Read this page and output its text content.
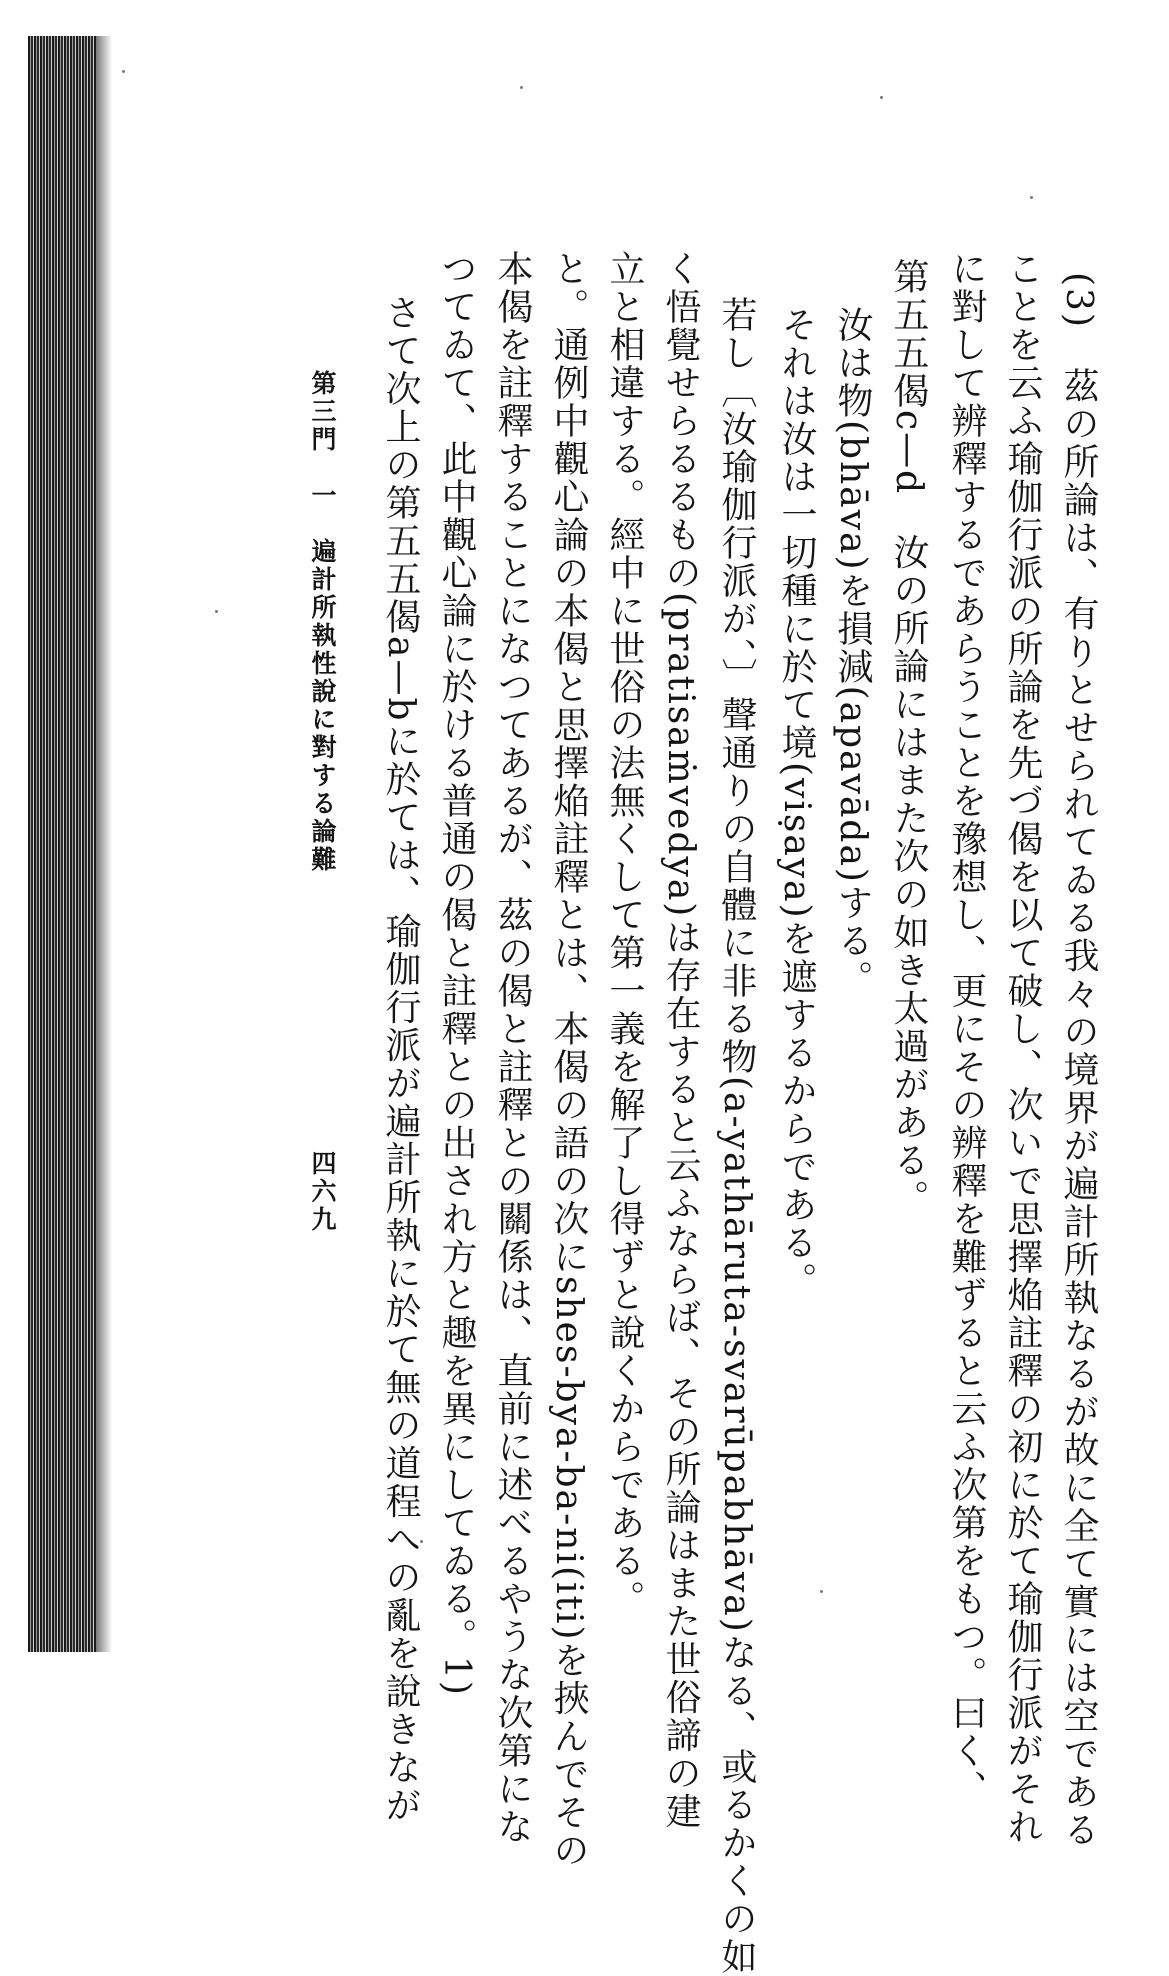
(3)　茲の所論は、有りとせられてゐる我々の境界が遍計所執なるが故に全て實には空である
ことを云ふ瑜伽行派の所論を先づ偈を以て破し、次いで思擇焔註釋の初に於て瑜伽行派がそれ
に對して辨釋するであらうことを豫想し、更にその辨釋を難ずると云ふ次第をもつ。曰く、
第五五偈c—d　汝の所論にはまた次の如き太過がある。
汝は物(bhāva)を損減(apavāda)する。
それは汝は一切種に於て境(viṣaya)を遮するからである。
若し〔汝瑜伽行派が、〕聲通りの自體に非る物(a-yathāruta-svarūpabhāva)なる、或るかくの如
く悟覺せらるるもの(pratisaṁvedya)は存在すると云ふならば、その所論はまた世俗諦の建
立と相違する。經中に世俗の法無くして第一義を解了し得ずと說くからである。
と。通例中觀心論の本偈と思擇焔註釋とは、本偈の語の次にshes-bya-ba-ni(iti)を挾んでその
本偈を註釋することになつてあるが、茲の偈と註釋との關係は、直前に述べるやうな次第にな
つてゐて、此中觀心論に於ける普通の偈と註釋との出され方と趣を異にしてゐる。1)
さて次上の第五五偈a—bに於ては、瑜伽行派が遍計所執に於て無の道程への亂を說きなが
第三門　一　遍計所執性說に對する論難
四六九
